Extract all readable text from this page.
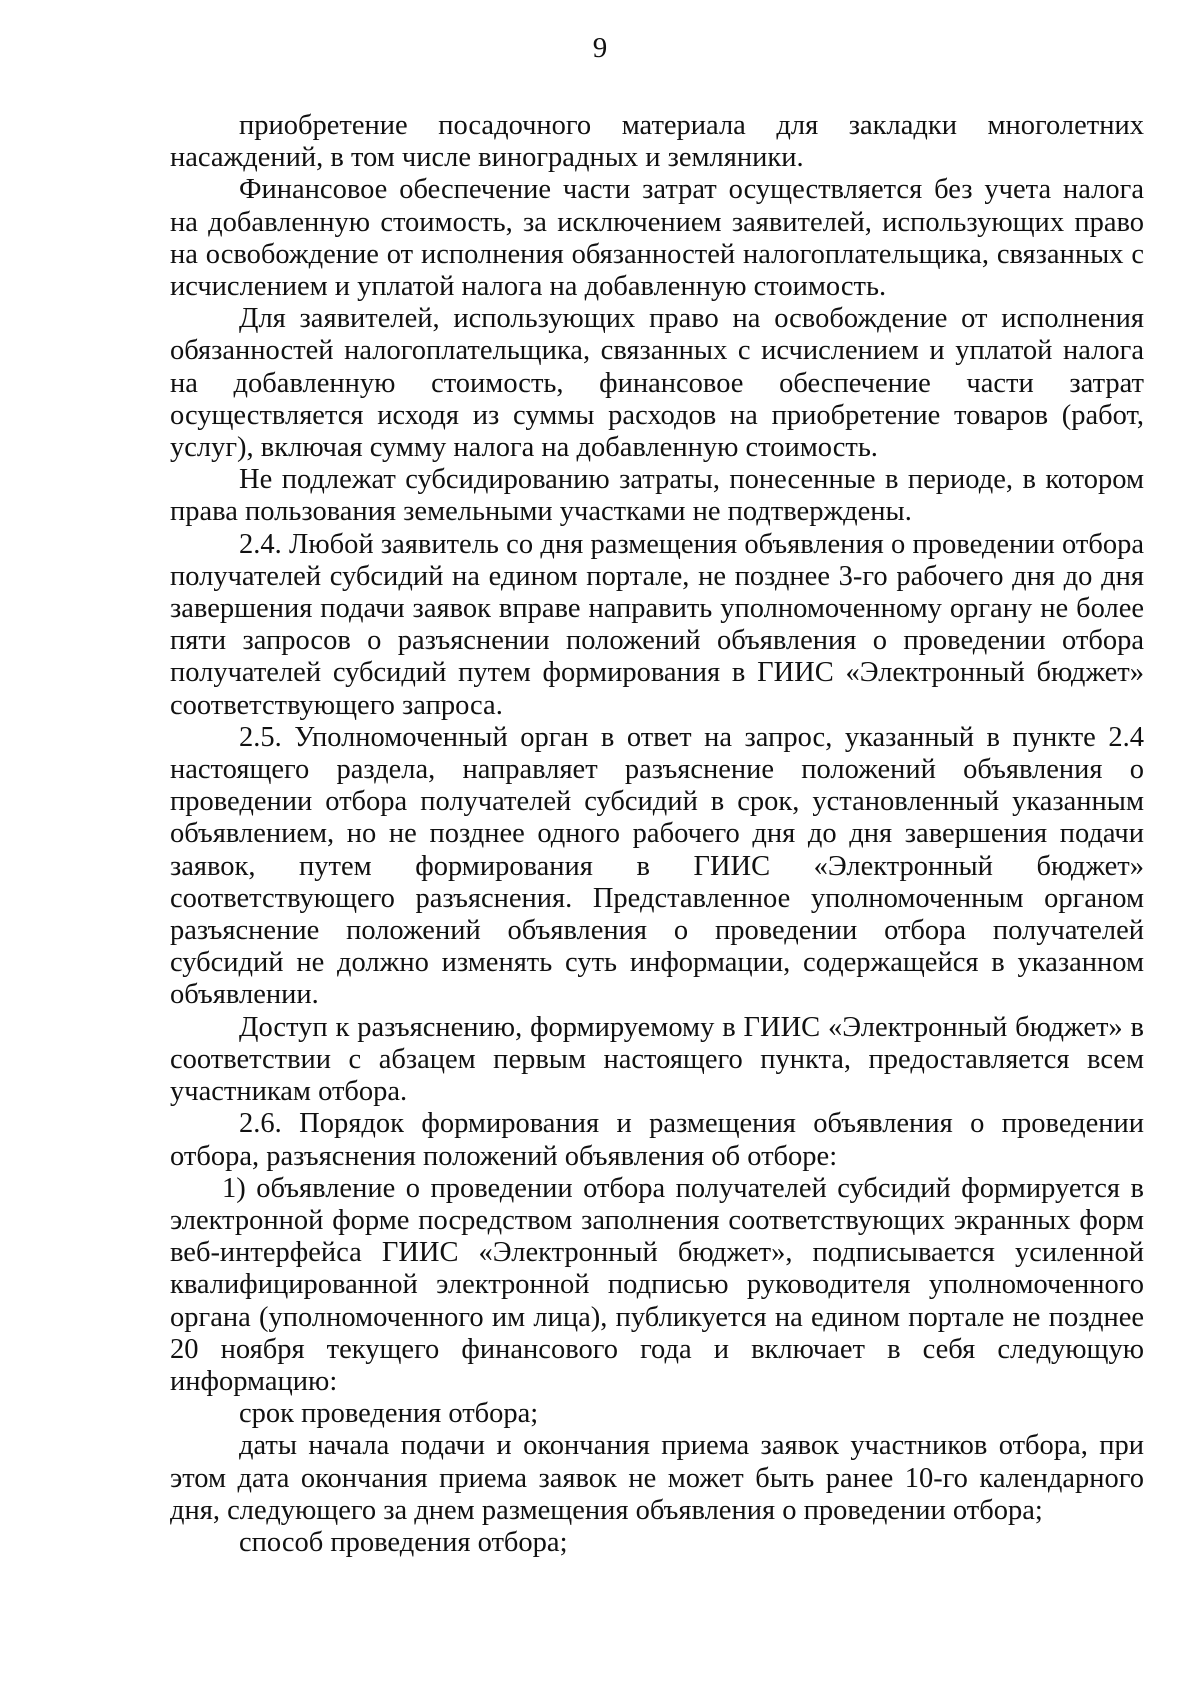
9

приобретение посадочного материала для закладки многолетних насаждений, в том числе виноградных и земляники.

Финансовое обеспечение части затрат осуществляется без учета налога на добавленную стоимость, за исключением заявителей, использующих право на освобождение от исполнения обязанностей налогоплательщика, связанных с исчислением и уплатой налога на добавленную стоимость.

Для заявителей, использующих право на освобождение от исполнения обязанностей налогоплательщика, связанных с исчислением и уплатой налога на добавленную стоимость, финансовое обеспечение части затрат осуществляется исходя из суммы расходов на приобретение товаров (работ, услуг), включая сумму налога на добавленную стоимость.

Не подлежат субсидированию затраты, понесенные в периоде, в котором права пользования земельными участками не подтверждены.

2.4. Любой заявитель со дня размещения объявления о проведении отбора получателей субсидий на едином портале, не позднее 3-го рабочего дня до дня завершения подачи заявок вправе направить уполномоченному органу не более пяти запросов о разъяснении положений объявления о проведении отбора получателей субсидий путем формирования в ГИИС «Электронный бюджет» соответствующего запроса.

2.5. Уполномоченный орган в ответ на запрос, указанный в пункте 2.4 настоящего раздела, направляет разъяснение положений объявления о проведении отбора получателей субсидий в срок, установленный указанным объявлением, но не позднее одного рабочего дня до дня завершения подачи заявок, путем формирования в ГИИС «Электронный бюджет» соответствующего разъяснения. Представленное уполномоченным органом разъяснение положений объявления о проведении отбора получателей субсидий не должно изменять суть информации, содержащейся в указанном объявлении.

Доступ к разъяснению, формируемому в ГИИС «Электронный бюджет» в соответствии с абзацем первым настоящего пункта, предоставляется всем участникам отбора.

2.6. Порядок формирования и размещения объявления о проведении отбора, разъяснения положений объявления об отборе:

1) объявление о проведении отбора получателей субсидий формируется в электронной форме посредством заполнения соответствующих экранных форм веб-интерфейса ГИИС «Электронный бюджет», подписывается усиленной квалифицированной электронной подписью руководителя уполномоченного органа (уполномоченного им лица), публикуется на едином портале не позднее 20 ноября текущего финансового года и включает в себя следующую информацию:

срок проведения отбора;

даты начала подачи и окончания приема заявок участников отбора, при этом дата окончания приема заявок не может быть ранее 10-го календарного дня, следующего за днем размещения объявления о проведении отбора;

способ проведения отбора;
